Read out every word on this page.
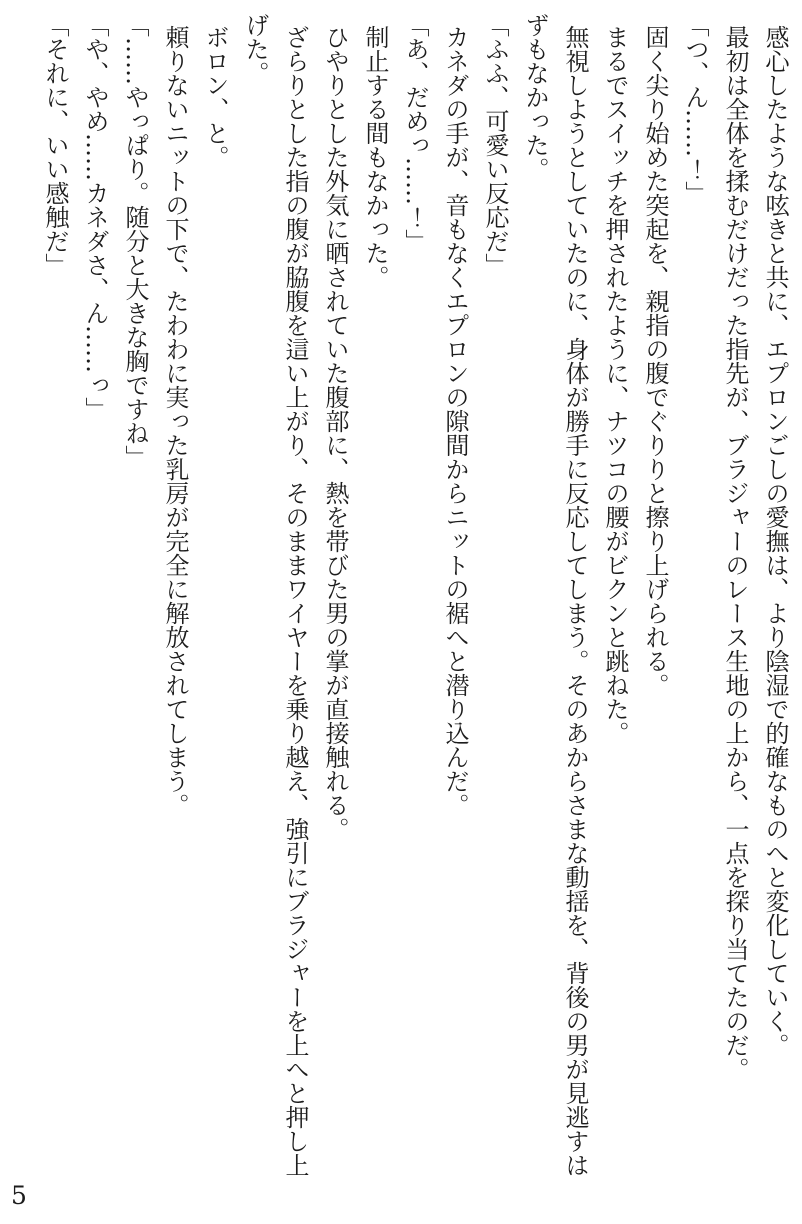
感心したような呟きと共に、エプロンごしの愛撫は、より陰湿で的確なものへと変化していく。

最初は全体を揉むだけだった指先が、ブラジャーのレース生地の上から、一点を探り当てたのだ。

「つ、ん……！」

固く尖り始めた突起を、親指の腹でぐりりと擦り上げられる。

まるでスイッチを押されたように、ナツコの腰がビクンと跳ねた。

無視しようとしていたのに、身体が勝手に反応してしまう。そのあからさまな動揺を、背後の男が見逃すはずもなかった。

「ふふ、可愛い反応だ」

カネダの手が、音もなくエプロンの隙間からニットの裾へと潜り込んだ。

「あ、だめっ……！」

制止する間もなかった。

ひやりとした外気に晒されていた腹部に、熱を帯びた男の掌が直接触れる。

ざらりとした指の腹が脇腹を這い上がり、そのままワイヤーを乗り越え、強引にブラジャーを上へと押し上げた。

ボロン、と。

頼りないニットの下で、たわわに実った乳房が完全に解放されてしまう。

「……やっぱり。随分と大きな胸ですね」

「や、やめ……カネダさ、ん……っ」

「それに、いい感触だ」

5
